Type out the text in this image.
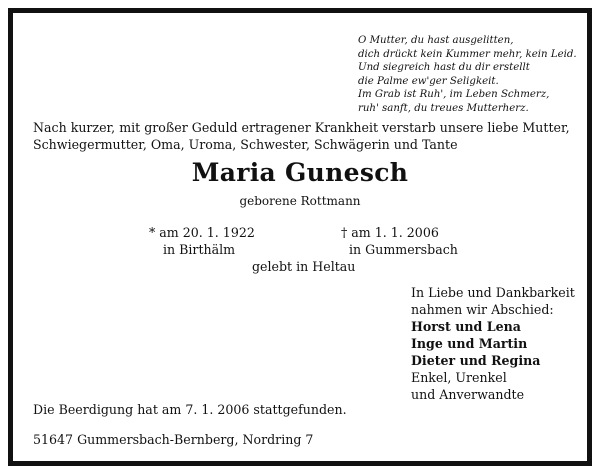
O Mutter, du hast ausgelitten,
dich drückt kein Kummer mehr, kein Leid.
Und siegreich hast du dir erstellt
die Palme ew'ger Seligkeit.
Im Grab ist Ruh', im Leben Schmerz,
ruh' sanft, du treues Mutterherz.
Nach kurzer, mit großer Geduld ertragener Krankheit verstarb unsere liebe Mutter,
Schwiegermutter, Oma, Uroma, Schwester, Schwägerin und Tante
Maria Gunesch
geborene Rottmann
* am 20. 1. 1922
in Birthälm
† am 1. 1. 2006
in Gummersbach
gelebt in Heltau
In Liebe und Dankbarkeit
nahmen wir Abschied:
Horst und Lena
Inge und Martin
Dieter und Regina
Enkel, Urenkel
und Anverwandte
Die Beerdigung hat am 7. 1. 2006 stattgefunden.
51647 Gummersbach-Bernberg, Nordring 7
